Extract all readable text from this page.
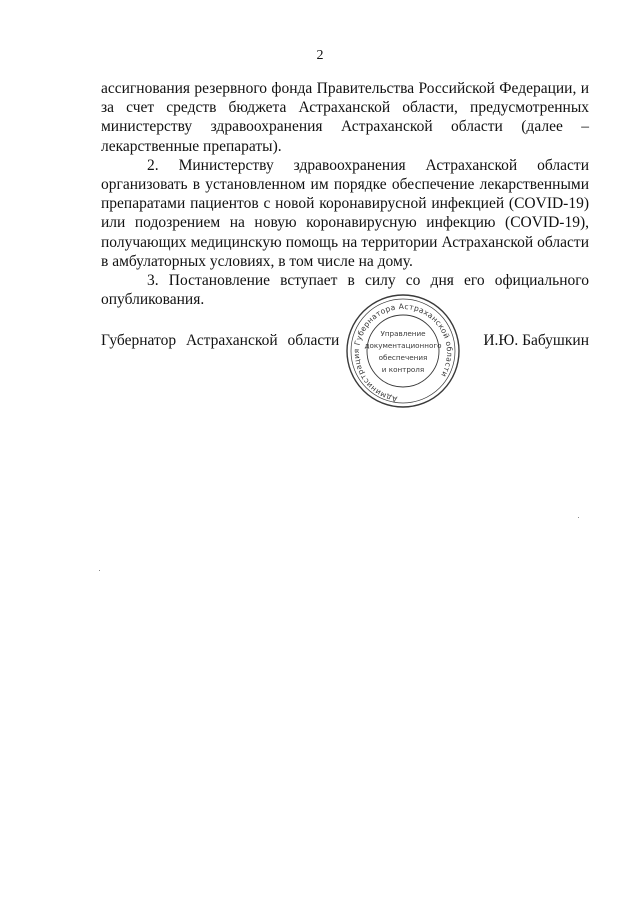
2

ассигнования резервного фонда Правительства Российской Федерации, и за счет средств бюджета Астраханской области, предусмотренных министерству здравоохранения Астраханской области (далее – лекарственные препараты).

2. Министерству здравоохранения Астраханской области организовать в установленном им порядке обеспечение лекарственными препаратами пациентов с новой коронавирусной инфекцией (COVID-19) или подозрением на новую коронавирусную инфекцию (COVID-19), получающих медицинскую помощь на территории Астраханской области в амбулаторных условиях, в том числе на дому.

3. Постановление вступает в силу со дня его официального опубликования.

Губернатор Астраханской области	И.Ю. Бабушкин
Администрация Губернатора Астраханской области
Управление
документационного
обеспечения
и контроля
